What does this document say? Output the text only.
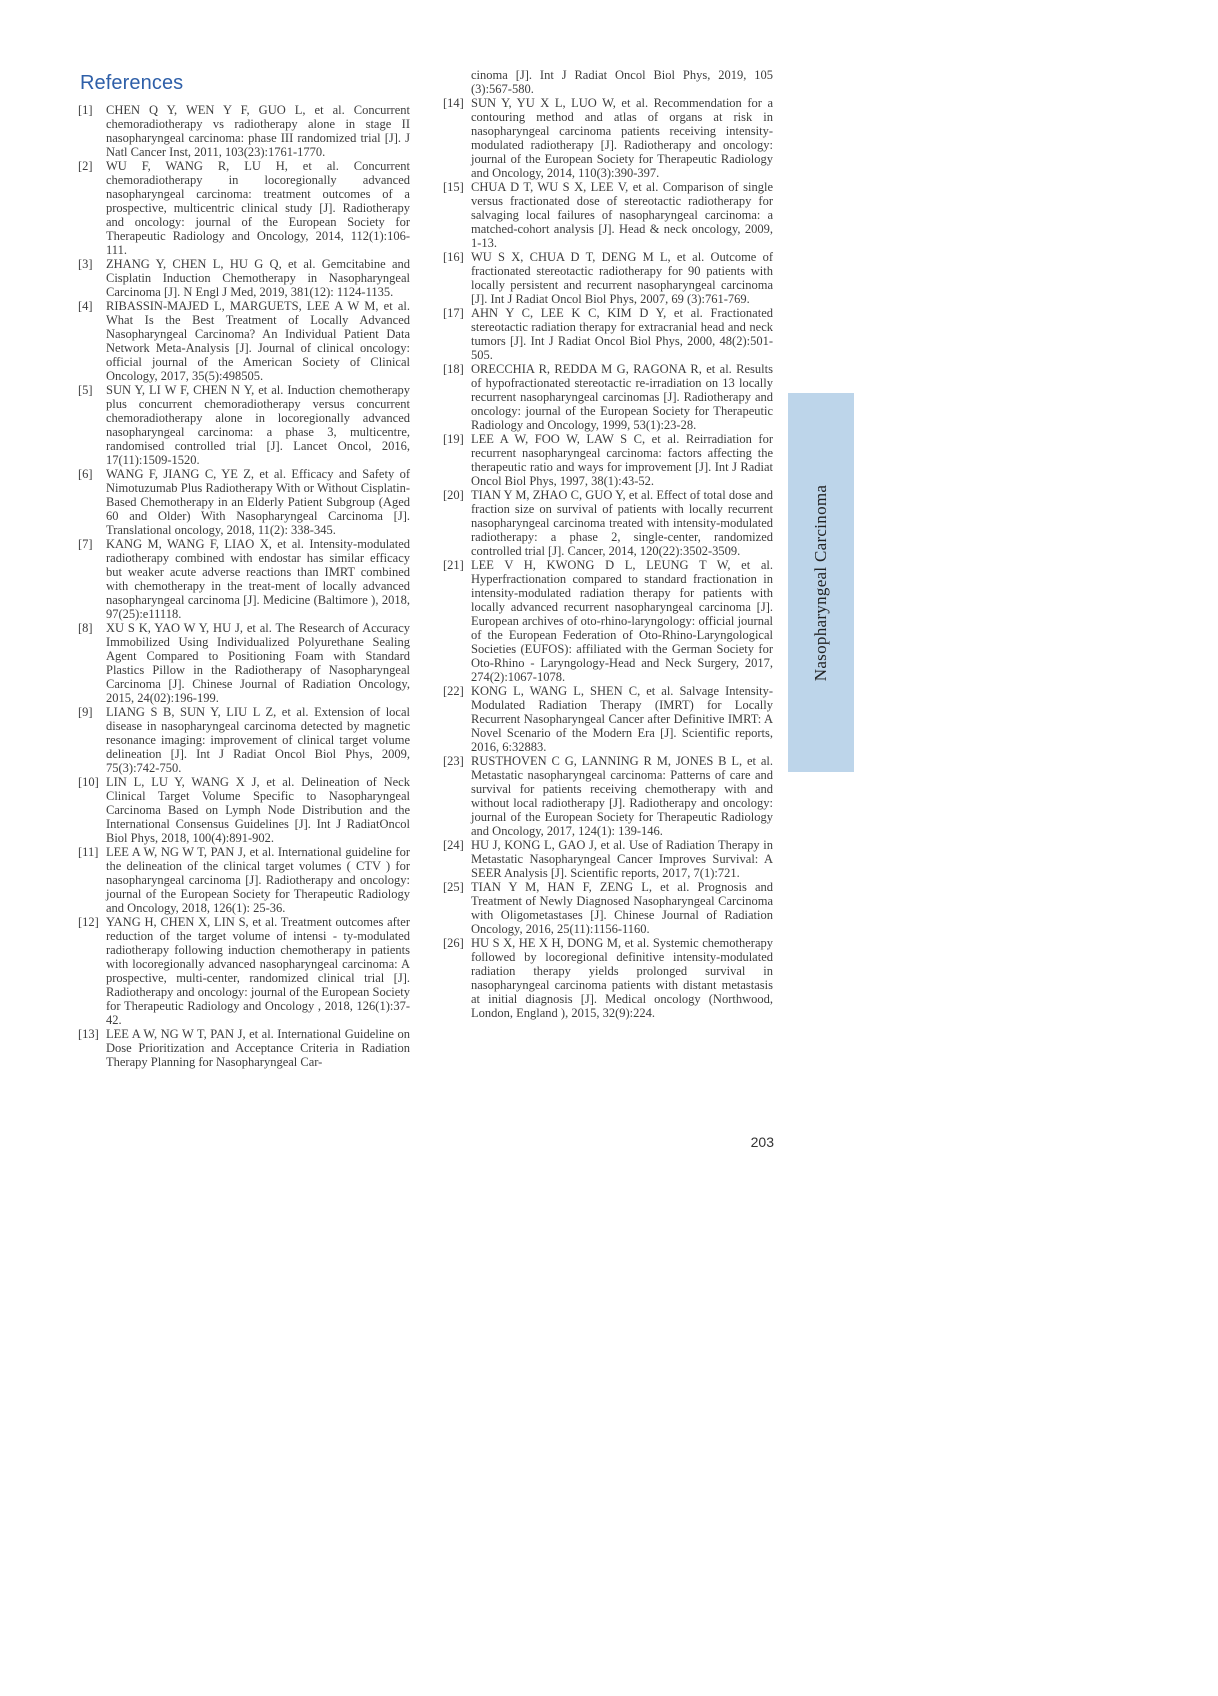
References

[1] CHEN Q Y, WEN Y F, GUO L, et al. Concurrent chemoradiotherapy vs radiotherapy alone in stage II nasopharyngeal carcinoma: phase III randomized trial [J]. J Natl Cancer Inst, 2011, 103(23):1761-1770.

[2] WU F, WANG R, LU H, et al. Concurrent chemoradiotherapy in locoregionally advanced nasopharyngeal carcinoma: treatment outcomes of a prospective, multicentric clinical study [J]. Radiotherapy and oncology: journal of the European Society for Therapeutic Radiology and Oncology, 2014, 112(1):106-111.

[3] ZHANG Y, CHEN L, HU G Q, et al. Gemcitabine and Cisplatin Induction Chemotherapy in Nasopharyngeal Carcinoma [J]. N Engl J Med, 2019, 381(12): 1124-1135.

[4] RIBASSIN-MAJED L, MARGUETS, LEE A W M, et al. What Is the Best Treatment of Locally Advanced Nasopharyngeal Carcinoma? An Individual Patient Data Network Meta-Analysis [J]. Journal of clinical oncology: official journal of the American Society of Clinical Oncology, 2017, 35(5):498505.

[5] SUN Y, LI W F, CHEN N Y, et al. Induction chemotherapy plus concurrent chemoradiotherapy versus concurrent chemoradiotherapy alone in locoregionally advanced nasopharyngeal carcinoma: a phase 3, multicentre, randomised controlled trial [J]. Lancet Oncol, 2016, 17(11):1509-1520.

[6] WANG F, JIANG C, YE Z, et al. Efficacy and Safety of Nimotuzumab Plus Radiotherapy With or Without Cisplatin-Based Chemotherapy in an Elderly Patient Subgroup (Aged 60 and Older) With Nasopharyngeal Carcinoma [J]. Translational oncology, 2018, 11(2): 338-345.

[7] KANG M, WANG F, LIAO X, et al. Intensity-modulated radiotherapy combined with endostar has similar efficacy but weaker acute adverse reactions than IMRT combined with chemotherapy in the treat-ment of locally advanced nasopharyngeal carcinoma [J]. Medicine (Baltimore ), 2018, 97(25):e11118.

[8] XU S K, YAO W Y, HU J, et al. The Research of Accuracy Immobilized Using Individualized Polyurethane Sealing Agent Compared to Positioning Foam with Standard Plastics Pillow in the Radiotherapy of Nasopharyngeal Carcinoma [J]. Chinese Journal of Radiation Oncology, 2015, 24(02):196-199.

[9] LIANG S B, SUN Y, LIU L Z, et al. Extension of local disease in nasopharyngeal carcinoma detected by magnetic resonance imaging: improvement of clinical target volume delineation [J]. Int J Radiat Oncol Biol Phys, 2009, 75(3):742-750.

[10] LIN L, LU Y, WANG X J, et al. Delineation of Neck Clinical Target Volume Specific to Nasopharyngeal Carcinoma Based on Lymph Node Distribution and the International Consensus Guidelines [J]. Int J RadiatOncol Biol Phys, 2018, 100(4):891-902.

[11] LEE A W, NG W T, PAN J, et al. International guideline for the delineation of the clinical target volumes ( CTV ) for nasopharyngeal carcinoma [J]. Radiotherapy and oncology: journal of the European Society for Therapeutic Radiology and Oncology, 2018, 126(1): 25-36.

[12] YANG H, CHEN X, LIN S, et al. Treatment outcomes after reduction of the target volume of intensi - ty-modulated radiotherapy following induction chemotherapy in patients with locoregionally advanced nasopharyngeal carcinoma: A prospective, multi-center, randomized clinical trial [J]. Radiotherapy and oncology: journal of the European Society for Therapeutic Radiology and Oncology , 2018, 126(1):37-42.

[13] LEE A W, NG W T, PAN J, et al. International Guideline on Dose Prioritization and Acceptance Criteria in Radiation Therapy Planning for Nasopharyngeal Car-

cinoma [J]. Int J Radiat Oncol Biol Phys, 2019, 105 (3):567-580.

[14] SUN Y, YU X L, LUO W, et al. Recommendation for a contouring method and atlas of organs at risk in nasopharyngeal carcinoma patients receiving intensity-modulated radiotherapy [J]. Radiotherapy and oncology: journal of the European Society for Therapeutic Radiology and Oncology, 2014, 110(3):390-397.

[15] CHUA D T, WU S X, LEE V, et al. Comparison of single versus fractionated dose of stereotactic radiotherapy for salvaging local failures of nasopharyngeal carcinoma: a matched-cohort analysis [J]. Head & neck oncology, 2009, 1-13.

[16] WU S X, CHUA D T, DENG M L, et al. Outcome of fractionated stereotactic radiotherapy for 90 patients with locally persistent and recurrent nasopharyngeal carcinoma [J]. Int J Radiat Oncol Biol Phys, 2007, 69 (3):761-769.

[17] AHN Y C, LEE K C, KIM D Y, et al. Fractionated stereotactic radiation therapy for extracranial head and neck tumors [J]. Int J Radiat Oncol Biol Phys, 2000, 48(2):501-505.

[18] ORECCHIA R, REDDA M G, RAGONA R, et al. Results of hypofractionated stereotactic re-irradiation on 13 locally recurrent nasopharyngeal carcinomas [J]. Radiotherapy and oncology: journal of the European Society for Therapeutic Radiology and Oncology, 1999, 53(1):23-28.

[19] LEE A W, FOO W, LAW S C, et al. Reirradiation for recurrent nasopharyngeal carcinoma: factors affecting the therapeutic ratio and ways for improvement [J]. Int J Radiat Oncol Biol Phys, 1997, 38(1):43-52.

[20] TIAN Y M, ZHAO C, GUO Y, et al. Effect of total dose and fraction size on survival of patients with locally recurrent nasopharyngeal carcinoma treated with intensity-modulated radiotherapy: a phase 2, single-center, randomized controlled trial [J]. Cancer, 2014, 120(22):3502-3509.

[21] LEE V H, KWONG D L, LEUNG T W, et al. Hyperfractionation compared to standard fractionation in intensity-modulated radiation therapy for patients with locally advanced recurrent nasopharyngeal carcinoma [J]. European archives of oto-rhino-laryngology: official journal of the European Federation of Oto-Rhino-Laryngological Societies (EUFOS): affiliated with the German Society for Oto-Rhino - Laryngology-Head and Neck Surgery, 2017, 274(2):1067-1078.

[22] KONG L, WANG L, SHEN C, et al. Salvage Intensity-Modulated Radiation Therapy (IMRT) for Locally Recurrent Nasopharyngeal Cancer after Definitive IMRT: A Novel Scenario of the Modern Era [J]. Scientific reports, 2016, 6:32883.

[23] RUSTHOVEN C G, LANNING R M, JONES B L, et al. Metastatic nasopharyngeal carcinoma: Patterns of care and survival for patients receiving chemotherapy with and without local radiotherapy [J]. Radiotherapy and oncology: journal of the European Society for Therapeutic Radiology and Oncology, 2017, 124(1): 139-146.

[24] HU J, KONG L, GAO J, et al. Use of Radiation Therapy in Metastatic Nasopharyngeal Cancer Improves Survival: A SEER Analysis [J]. Scientific reports, 2017, 7(1):721.

[25] TIAN Y M, HAN F, ZENG L, et al. Prognosis and Treatment of Newly Diagnosed Nasopharyngeal Carcinoma with Oligometastases [J]. Chinese Journal of Radiation Oncology, 2016, 25(11):1156-1160.

[26] HU S X, HE X H, DONG M, et al. Systemic chemotherapy followed by locoregional definitive intensity-modulated radiation therapy yields prolonged survival in nasopharyngeal carcinoma patients with distant metastasis at initial diagnosis [J]. Medical oncology (Northwood, London, England ), 2015, 32(9):224.

Nasopharyngeal Carcinoma
203
